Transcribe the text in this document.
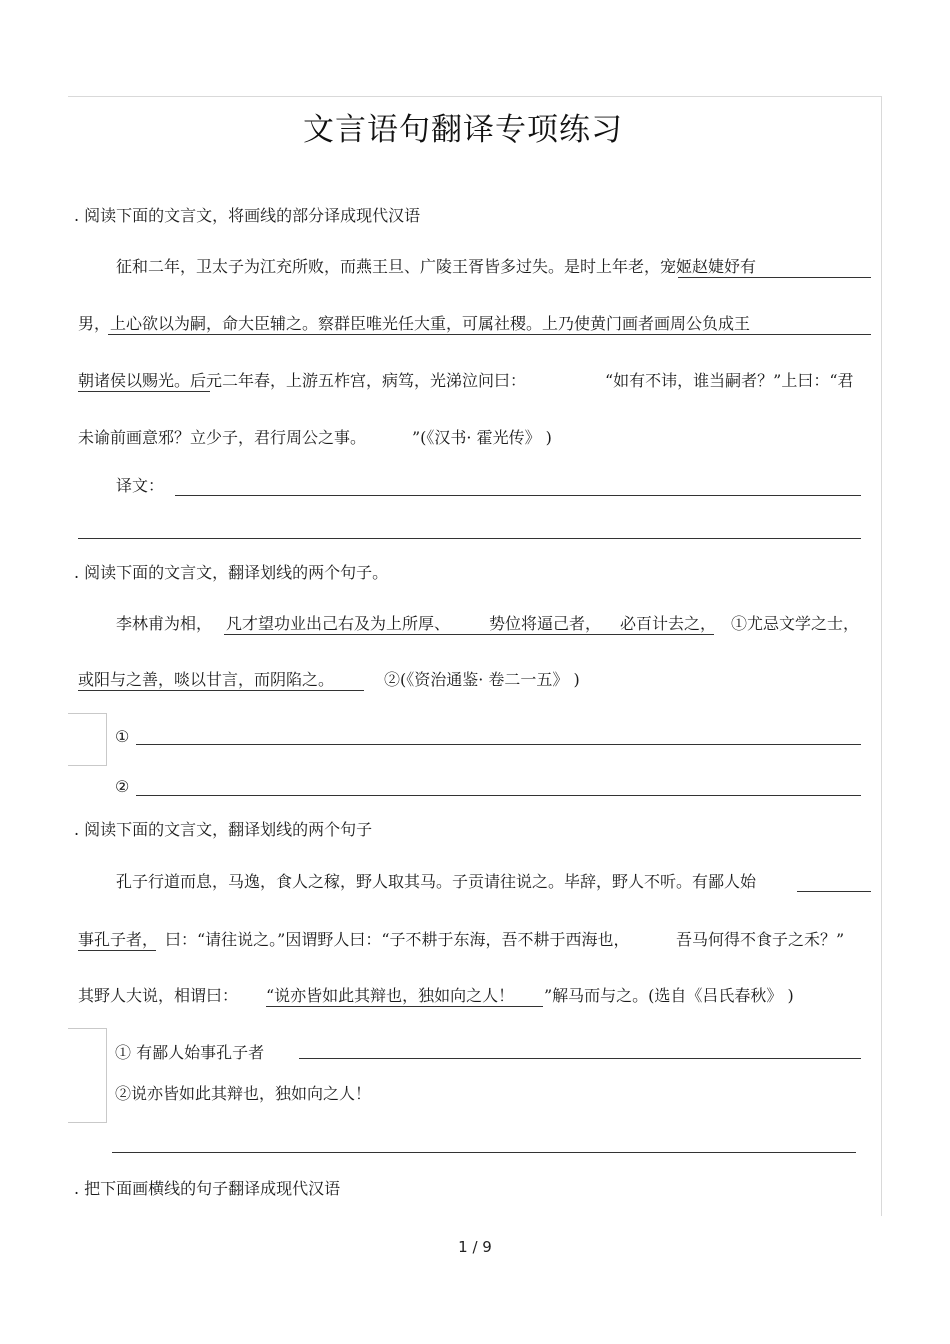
文言语句翻译专项练习
. 阅读下面的文言文，将画线的部分译成现代汉语
征和二年，卫太子为江充所败，而燕王旦、广陵王胥皆多过失。是时上年老，宠姬赵婕妤有
男，上心欲以为嗣，命大臣辅之。察群臣唯光任大重，可属社稷。上乃使黄门画者画周公负成王
朝诸侯以赐光。后元二年春，上游五柞宫，病笃，光涕泣问曰：	“如有不讳，谁当嗣者？”上曰：“君
未谕前画意邪？立少子，君行周公之事。	”(《汉书· 霍光传》 )
译文：
. 阅读下面的文言文，翻译划线的两个句子。
李林甫为相， 凡才望功业出己右及为上所厚、 势位将逼己者， 必百计去之， ①尤忌文学之士，
或阳与之善，啖以甘言，而阴陷之。	②(《资治通鉴· 卷二一五》 )
①
②
. 阅读下面的文言文，翻译划线的两个句子
孔子行道而息，马逸，食人之稼，野人取其马。子贡请往说之。毕辞，野人不听。有鄙人始
事孔子者， 曰：“请往说之。”因谓野人曰：“子不耕于东海，吾不耕于西海也，	吾马何得不食子之禾？”
其野人大说，相谓曰： “说亦皆如此其辩也，独如向之人！ ”解马而与之。(选自《吕氏春秋》 )
① 有鄙人始事孔子者
②说亦皆如此其辩也，独如向之人！
. 把下面画横线的句子翻译成现代汉语
1 / 9
